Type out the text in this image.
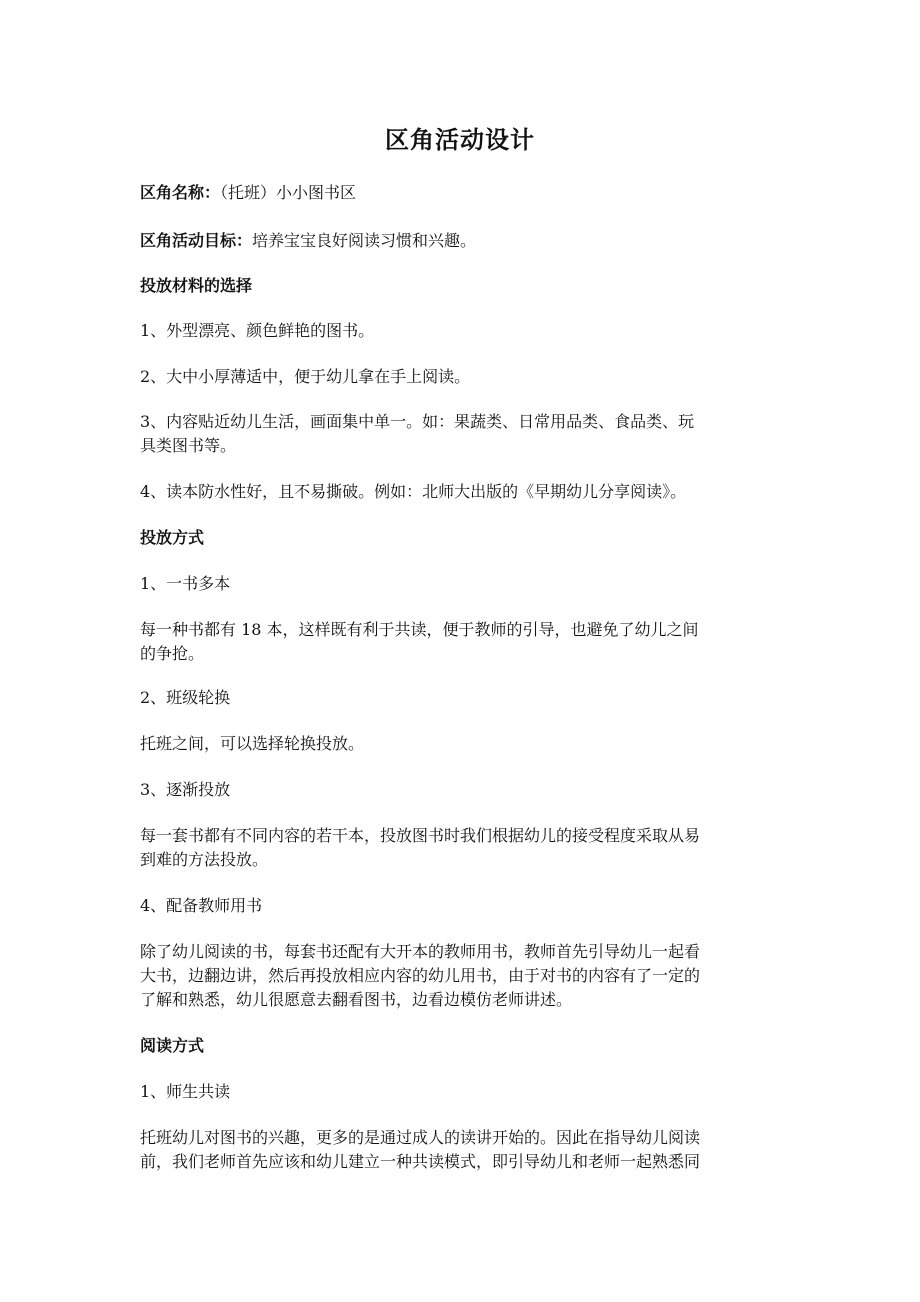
区角活动设计
区角名称：（托班）小小图书区
区角活动目标：培养宝宝良好阅读习惯和兴趣。
投放材料的选择
1、外型漂亮、颜色鲜艳的图书。
2、大中小厚薄适中，便于幼儿拿在手上阅读。
3、内容贴近幼儿生活，画面集中单一。如：果蔬类、日常用品类、食品类、玩
具类图书等。
4、读本防水性好，且不易撕破。例如：北师大出版的《早期幼儿分享阅读》。
投放方式
1、一书多本
每一种书都有 18 本，这样既有利于共读，便于教师的引导，也避免了幼儿之间
的争抢。
2、班级轮换
托班之间，可以选择轮换投放。
3、逐渐投放
每一套书都有不同内容的若干本，投放图书时我们根据幼儿的接受程度采取从易
到难的方法投放。
4、配备教师用书
除了幼儿阅读的书，每套书还配有大开本的教师用书，教师首先引导幼儿一起看
大书，边翻边讲，然后再投放相应内容的幼儿用书，由于对书的内容有了一定的
了解和熟悉，幼儿很愿意去翻看图书，边看边模仿老师讲述。
阅读方式
1、师生共读
托班幼儿对图书的兴趣，更多的是通过成人的读讲开始的。因此在指导幼儿阅读
前，我们老师首先应该和幼儿建立一种共读模式，即引导幼儿和老师一起熟悉同
